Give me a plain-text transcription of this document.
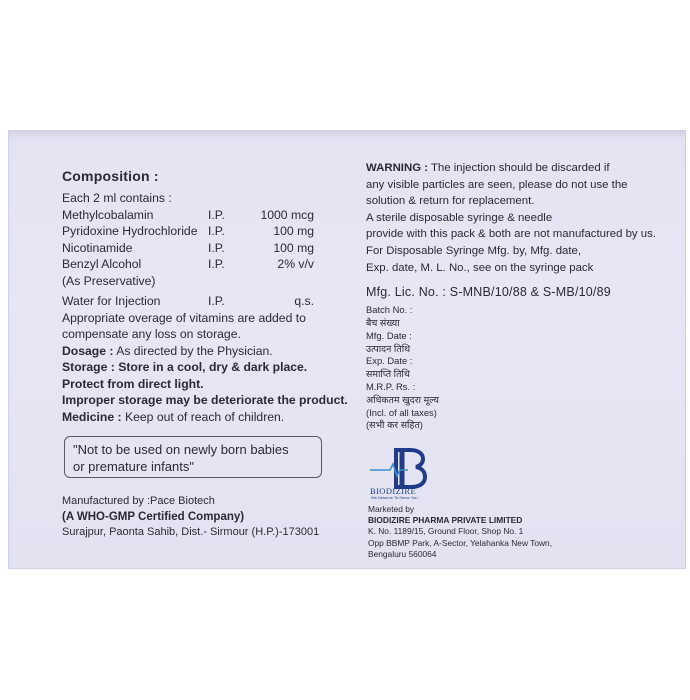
Composition :
Each 2 ml contains :
Methylcobalamin	I.P.	1000 mcg
Pyridoxine Hydrochloride I.P.	100 mg
Nicotinamide	I.P.	100 mg
Benzyl Alcohol	I.P.	2% v/v
(As Preservative)
Water for Injection	I.P.	q.s.
Appropriate overage of vitamins are added to
compensate any loss on storage.
Dosage : As directed by the Physician.
Storage : Store in a cool, dry & dark place.
Protect from direct light.
Improper storage may be deteriorate the product.
Medicine : Keep out of reach of children.
"Not to be used on newly born babies
or premature infants"
Manufactured by :Pace Biotech
(A WHO-GMP Certified Company)
Surajpur, Paonta Sahib, Dist.- Sirmour (H.P.)-173001
WARNING : The injection should be discarded if
any visible particles are seen, please do not use the
solution & return for replacement.
A sterile disposable syringe & needle
provide with this pack & both are not manufactured by us.
For Disposable Syringe Mfg. by, Mfg. date,
Exp. date, M. L. No., see on the syringe pack
Mfg. Lic. No. : S-MNB/10/88 & S-MB/10/89
Batch No. :
बैच संख्या
Mfg. Date :
उत्पादन तिथि
Exp. Date :
समाप्ति तिथि
M.R.P. Rs. :
अधिकतम खुदरा मूल्य
(Incl. of all taxes)
(सभी कर सहित)
BIODIZIRE
We Deserve To Serve You
Marketed by
BIODIZIRE PHARMA PRIVATE LIMITED
K. No. 1189/15, Ground Floor, Shop No. 1
Opp BBMP Park, A-Sector, Yelahanka New Town,
Bengaluru 560064
